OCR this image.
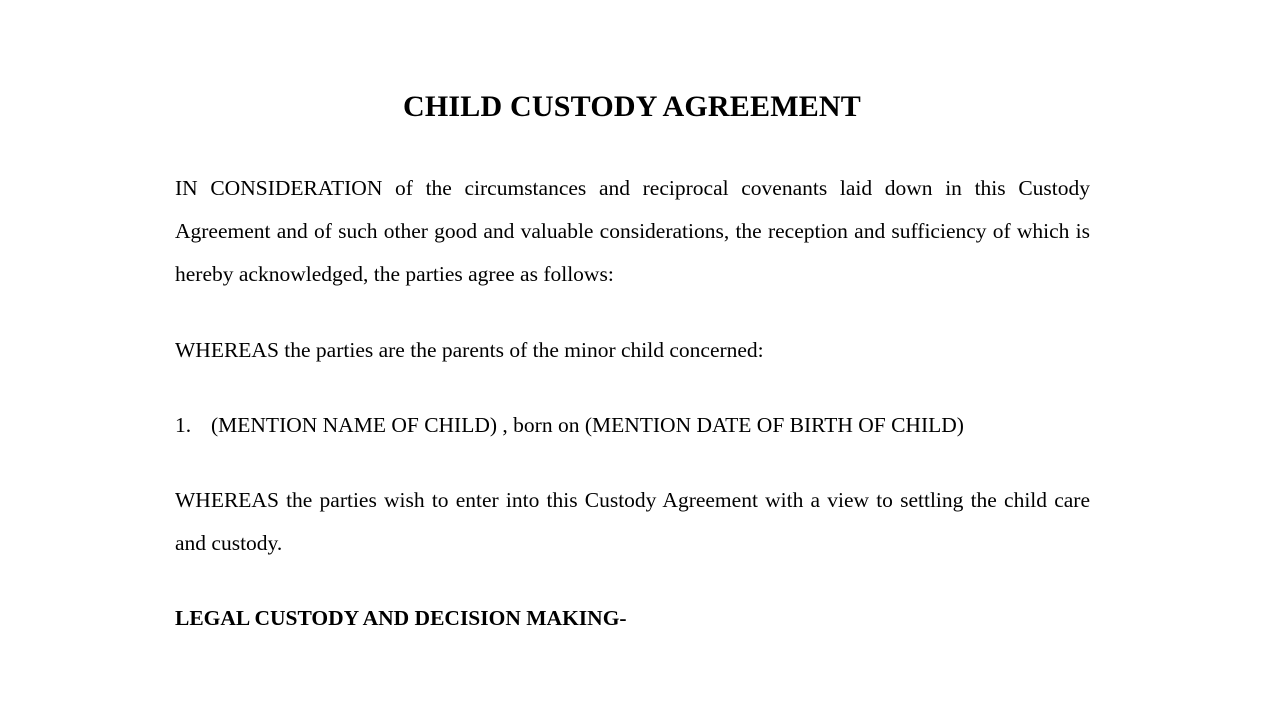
CHILD CUSTODY AGREEMENT
IN CONSIDERATION of the circumstances and reciprocal covenants laid down in this Custody Agreement and of such other good and valuable considerations, the reception and sufficiency of which is hereby acknowledged, the parties agree as follows:
WHEREAS the parties are the parents of the minor child concerned:
1. (MENTION NAME OF CHILD) , born on (MENTION DATE OF BIRTH OF CHILD)
WHEREAS the parties wish to enter into this Custody Agreement with a view to settling the child care and custody.
LEGAL CUSTODY AND DECISION MAKING-
